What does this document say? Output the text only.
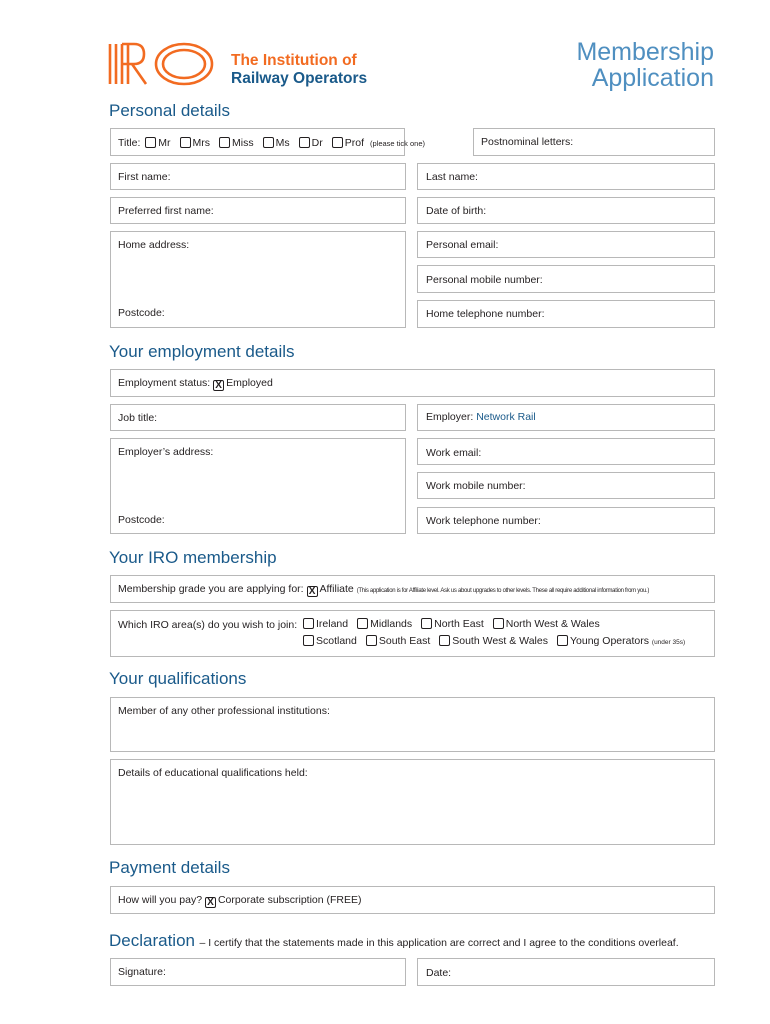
The Institution of
Railway Operators
Membership
Application
Personal details
Title: Mr Mrs Miss Ms Dr Prof (please tick one)	Postnominal letters:
First name:	Last name:
Preferred first name:	Date of birth:
Home address:
Postcode:
Personal email:
Personal mobile number:
Home telephone number:
Your employment details
Employment status: X Employed
Job title:	Employer: Network Rail
Employer’s address:
Postcode:
Work email:
Work mobile number:
Work telephone number:
Your IRO membership
Membership grade you are applying for: X Affiliate (This application is for Affiliate level. Ask us about upgrades to other levels. These all require additional information from you.)
Which IRO area(s) do you wish to join:	Ireland Midlands North East North West & Wales
Scotland South East South West & Wales Young Operators (under 35s)
Your qualifications
Member of any other professional institutions:
Details of educational qualifications held:
Payment details
How will you pay? X Corporate subscription (FREE)
Declaration – I certify that the statements made in this application are correct and I agree to the conditions overleaf.
Signature:	Date:
